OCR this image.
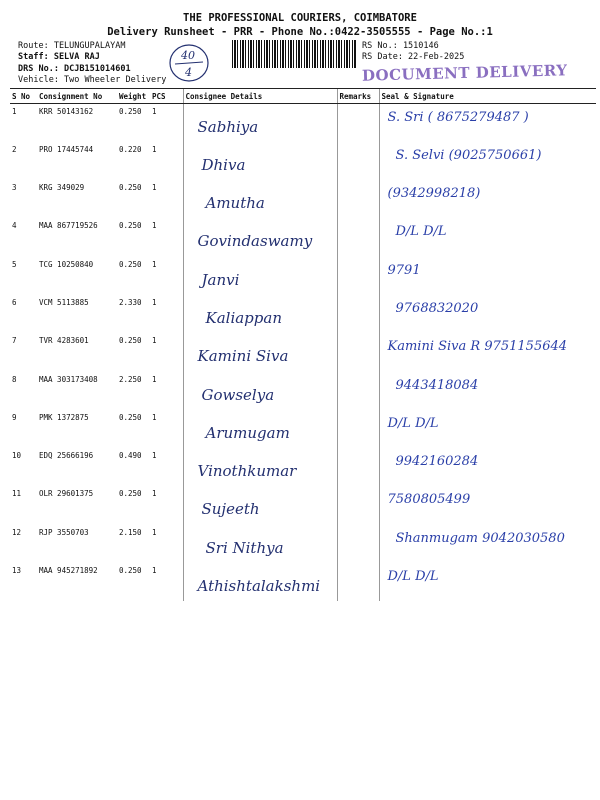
THE PROFESSIONAL COURIERS, COIMBATORE
Delivery Runsheet - PRR - Phone No.:0422-3505555 - Page No.:1
Route: TELUNGUPALAYAM
Staff: SELVA RAJ
DRS No.: DCJB151014601
Vehicle: Two Wheeler Delivery
RS No.: 1510146
RS Date: 22-Feb-2025
DOCUMENT DELIVERY
40
4
S No	Consignment No	Weight	PCS	Consignee Details	Remarks	Seal & Signature
1	KRR 50143162	0.250	1	Sabhiya		S. Sri ( 8675279487 )

2	PRO 17445744	0.220	1	Dhiva		S. Selvi (9025750661)

3	KRG 349029	0.250	1	Amutha		(9342998218)

4	MAA 867719526	0.250	1	Govindaswamy		D/L D/L

5	TCG 10250840	0.250	1	Janvi		9791

6	VCM 5113885	2.330	1	Kaliappan		9768832020

7	TVR 4283601	0.250	1	Kamini Siva		Kamini Siva R 9751155644

8	MAA 303173408	2.250	1	Gowselya		9443418084

9	PMK 1372875	0.250	1	Arumugam		D/L D/L

10	EDQ 25666196	0.490	1	Vinothkumar		9942160284

11	OLR 29601375	0.250	1	Sujeeth		7580805499

12	RJP 3550703	2.150	1	Sri Nithya		Shanmugam 9042030580

13	MAA 945271892	0.250	1	Athishtalakshmi		D/L D/L
